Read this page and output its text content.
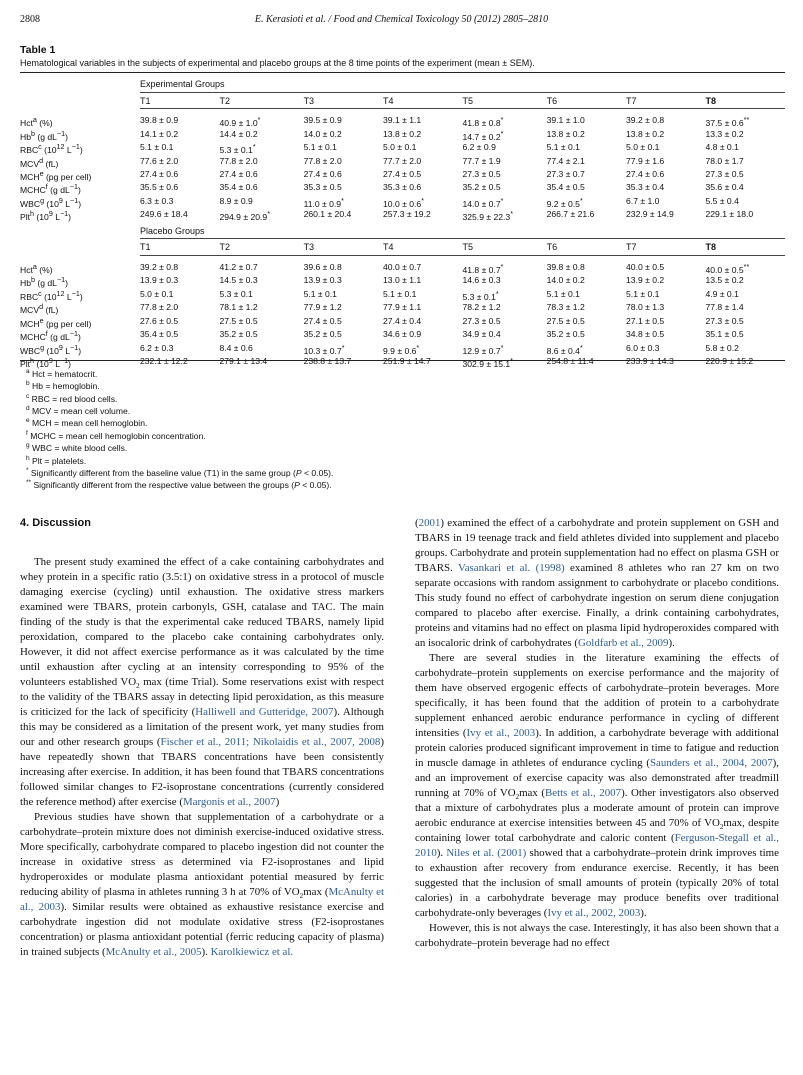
2808	E. Kerasioti et al. / Food and Chemical Toxicology 50 (2012) 2805–2810
Table 1
Hematological variables in the subjects of experimental and placebo groups at the 8 time points of the experiment (mean ± SEM).
	Experimental Groups							
	T1	T2	T3	T4	T5	T6	T7	T8
Hct$^a$ (%)	39.8 ± 0.9	40.9 ± 1.0*	39.5 ± 0.9	39.1 ± 1.1	41.8 ± 0.8*	39.1 ± 1.0	39.2 ± 0.8	37.5 ± 0.6**
Hb$^b$ (g $dL^{-1}$)	14.1 ± 0.2	14.4 ± 0.2	14.0 ± 0.2	13.8 ± 0.2	14.7 ± 0.2*	13.8 ± 0.2	13.8 ± 0.2	13.3 ± 0.2
RBC$^c$ ($10^{12}$ $L^{-1}$)	5.1 ± 0.1	5.3 ± 0.1*	5.1 ± 0.1	5.0 ± 0.1	6.2 ± 0.9	5.1 ± 0.1	5.0 ± 0.1	4.8 ± 0.1
MCV$^d$ (fL)	77.6 ± 2.0	77.8 ± 2.0	77.8 ± 2.0	77.7 ± 2.0	77.7 ± 1.9	77.4 ± 2.1	77.9 ± 1.6	78.0 ± 1.7
MCH$^e$ (pg per cell)	27.4 ± 0.6	27.4 ± 0.6	27.4 ± 0.6	27.4 ± 0.5	27.3 ± 0.5	27.3 ± 0.7	27.4 ± 0.6	27.3 ± 0.5
MCHC$^f$ (g $dL^{-1}$)	35.5 ± 0.6	35.4 ± 0.6	35.3 ± 0.5	35.3 ± 0.6	35.2 ± 0.5	35.4 ± 0.5	35.3 ± 0.4	35.6 ± 0.4
WBC$^g$ ($10^9$ $L^{-1}$)	6.3 ± 0.3	8.9 ± 0.9	11.0 ± 0.9*	10.0 ± 0.6*	14.0 ± 0.7*	9.2 ± 0.5*	6.7 ± 1.0	5.5 ± 0.4
Plt$^h$ ($10^9$ $L^{-1}$)	249.6 ± 18.4	294.9 ± 20.9*	260.1 ± 20.4	257.3 ± 19.2	325.9 ± 22.3*	266.7 ± 21.6	232.9 ± 14.9	229.1 ± 18.0
	Placebo Groups							
	T1	T2	T3	T4	T5	T6	T7	T8
Hct$^a$ (%)	39.2 ± 0.8	41.2 ± 0.7	39.6 ± 0.8	40.0 ± 0.7	41.8 ± 0.7*	39.8 ± 0.8	40.0 ± 0.5	40.0 ± 0.5**
Hb$^b$ (g $dL^{-1}$)	13.9 ± 0.3	14.5 ± 0.3	13.9 ± 0.3	13.0 ± 1.1	14.6 ± 0.3	14.0 ± 0.2	13.9 ± 0.2	13.5 ± 0.2
RBC$^c$ ($10^{12}$ $L^{-1}$)	5.0 ± 0.1	5.3 ± 0.1	5.1 ± 0.1	5.1 ± 0.1	5.3 ± 0.1*	5.1 ± 0.1	5.1 ± 0.1	4.9 ± 0.1
MCV$^d$ (fL)	77.8 ± 2.0	78.1 ± 1.2	77.9 ± 1.2	77.9 ± 1.1	78.2 ± 1.2	78.3 ± 1.2	78.0 ± 1.3	77.8 ± 1.4
MCH$^e$ (pg per cell)	27.6 ± 0.5	27.5 ± 0.5	27.4 ± 0.5	27.4 ± 0.4	27.3 ± 0.5	27.5 ± 0.5	27.1 ± 0.5	27.3 ± 0.5
MCHC$^f$ (g $dL^{-1}$)	35.4 ± 0.5	35.2 ± 0.5	35.2 ± 0.5	34.6 ± 0.9	34.9 ± 0.4	35.2 ± 0.5	34.8 ± 0.5	35.1 ± 0.5
WBC$^g$ ($10^9$ $L^{-1}$)	6.2 ± 0.3	8.4 ± 0.6	10.3 ± 0.7*	9.9 ± 0.6*	12.9 ± 0.7*	8.6 ± 0.4*	6.0 ± 0.3	5.8 ± 0.2
Plt$^h$ ($10^9$ $L^{-1}$)	232.1 ± 12.2	279.1 ± 13.4	238.8 ± 13.7	251.9 ± 14.7	302.9 ± 15.1*	254.8 ± 11.4	233.9 ± 14.3	220.9 ± 15.2
$^a$ Hct = hematocrit.
$^b$ Hb = hemoglobin.
$^c$ RBC = red blood cells.
$^d$ MCV = mean cell volume.
$^e$ MCH = mean cell hemoglobin.
$^f$ MCHC = mean cell hemoglobin concentration.
$^g$ WBC = white blood cells.
$^h$ Plt = platelets.
* Significantly different from the baseline value (T1) in the same group (P < 0.05).
** Significantly different from the respective value between the groups (P < 0.05).
4. Discussion

The present study examined the effect of a cake containing carbohydrates and whey protein in a specific ratio (3.5:1) on oxidative stress in a protocol of muscle damaging exercise (cycling) until exhaustion. The oxidative stress markers examined were TBARS, protein carbonyls, GSH, catalase and TAC. The main finding of the study is that the experimental cake reduced TBARS, namely lipid peroxidation, compared to the placebo cake containing carbohydrates only. However, it did not affect exercise performance as it was calculated by the time until exhaustion after cycling at an intensity corresponding to 95% of the volunteers established $VO_2$ max (time Trial). Some reservations exist with respect to the validity of the TBARS assay in detecting lipid peroxidation, as this measure is criticized for the lack of specificity (Halliwell and Gutteridge, 2007). Although this may be considered as a limitation of the present work, yet many studies from our and other research groups (Fischer et al., 2011; Nikolaidis et al., 2007, 2008) have repeatedly shown that TBARS concentrations have been consistently increasing after exercise. In addition, it has been found that TBARS concentrations followed similar changes to F2-isoprostane concentrations (currently considered the reference method) after exercise (Margonis et al., 2007)

Previous studies have shown that supplementation of a carbohydrate or a carbohydrate–protein mixture does not diminish exercise-induced oxidative stress. More specifically, carbohydrate compared to placebo ingestion did not counter the increase in oxidative stress as determined via F2-isoprostanes and lipid hydroperoxides or modulate plasma antioxidant potential measured by ferric reducing ability of plasma in athletes running 3 h at 70% of $VO_2\max$ (McAnulty et al., 2003). Similar results were obtained as exhaustive resistance exercise and carbohydrate ingestion did not modulate oxidative stress (F2-isoprostanes concentration) or plasma antioxidant potential (ferric reducing capacity of plasma) in trained subjects (McAnulty et al., 2005). Karolkiewicz et al.

(2001) examined the effect of a carbohydrate and protein supplement on GSH and TBARS in 19 teenage track and field athletes divided into supplement and placebo groups. Carbohydrate and protein supplementation had no effect on plasma GSH or TBARS. Vasankari et al. (1998) examined 8 athletes who ran 27 km on two separate occasions with random assignment to carbohydrate or placebo conditions. This study found no effect of carbohydrate ingestion on serum diene conjugation compared to placebo after exercise. Finally, a drink containing carbohydrates, proteins and vitamins had no effect on plasma lipid hydroperoxides compared with an isocaloric drink of carbohydrates (Goldfarb et al., 2009).

There are several studies in the literature examining the effects of carbohydrate–protein supplements on exercise performance and the majority of them have observed ergogenic effects of carbohydrate–protein beverages. More specifically, it has been found that the addition of protein to a carbohydrate supplement enhanced aerobic endurance performance in cycling of different intensities (Ivy et al., 2003). In addition, a carbohydrate beverage with additional protein calories produced significant improvement in time to fatigue and reduction in muscle damage in athletes of endurance cycling (Saunders et al., 2004, 2007), and an improvement of exercise capacity was also demonstrated after treadmill running at 70% of $VO_2\max$ (Betts et al., 2007). Other investigators also observed that a mixture of carbohydrates plus a moderate amount of protein can improve aerobic endurance at exercise intensities between 45 and 70% of $VO_2\max$, despite containing lower total carbohydrate and caloric content (Ferguson-Stegall et al., 2010). Niles et al. (2001) showed that a carbohydrate–protein drink improves time to exhaustion after recovery from endurance exercise. Recently, it has been suggested that the inclusion of small amounts of protein (typically 20% of total calories) in a carbohydrate beverage may produce benefits over traditional carbohydrate-only beverages (Ivy et al., 2002, 2003).

However, this is not always the case. Interestingly, it has also been shown that a carbohydrate–protein beverage had no effect
